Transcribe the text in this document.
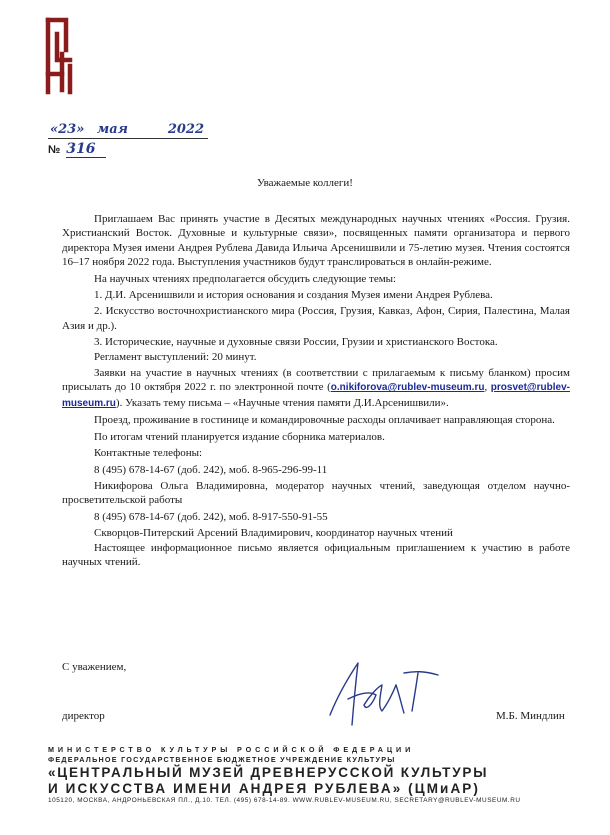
«23» мая	2022
№ 316
Уважаемые коллеги!

Приглашаем Вас принять участие в Десятых международных научных чтениях «Россия. Грузия. Христианский Восток. Духовные и культурные связи», посвященных памяти организатора и первого директора Музея имени Андрея Рублева Давида Ильича Арсенишвили и 75-летию музея. Чтения состоятся 16–17 ноября 2022 года. Выступления участников будут транслироваться в онлайн-режиме.

На научных чтениях предполагается обсудить следующие темы:

1. Д.И. Арсенишвили и история основания и создания Музея имени Андрея Рублева.

2. Искусство восточнохристианского мира (Россия, Грузия, Кавказ, Афон, Сирия, Палестина, Малая Азия и др.).

3. Исторические, научные и духовные связи России, Грузии и христианского Востока.

Регламент выступлений: 20 минут.

Заявки на участие в научных чтениях (в соответствии с прилагаемым к письму бланком) просим присылать до 10 октября 2022 г. по электронной почте (o.nikiforova@rublev-museum.ru, prosvet@rublev-museum.ru). Указать тему письма – «Научные чтения памяти Д.И.Арсенишвили».

Проезд, проживание в гостинице и командировочные расходы оплачивает направляющая сторона.

По итогам чтений планируется издание сборника материалов.

Контактные телефоны:

8 (495) 678-14-67 (доб. 242), моб. 8-965-296-99-11

Никифорова Ольга Владимировна, модератор научных чтений, заведующая отделом научно-просветительской работы

8 (495) 678-14-67 (доб. 242), моб. 8-917-550-91-55

Скворцов-Питерский Арсений Владимирович, координатор научных чтений

Настоящее информационное письмо является официальным приглашением к участию в работе научных чтений.

С уважением,
директор	М.Б. Миндлин
МИНИСТЕРСТВО КУЛЬТУРЫ РОССИЙСКОЙ ФЕДЕРАЦИИ
ФЕДЕРАЛЬНОЕ ГОСУДАРСТВЕННОЕ БЮДЖЕТНОЕ УЧРЕЖДЕНИЕ КУЛЬТУРЫ
«ЦЕНТРАЛЬНЫЙ МУЗЕЙ ДРЕВНЕРУССКОЙ КУЛЬТУРЫ
И ИСКУССТВА ИМЕНИ АНДРЕЯ РУБЛЕВА» (ЦМиАР)
105120, МОСКВА, АНДРОНЬЕВСКАЯ ПЛ., Д.10. ТЕЛ. (495) 678-14-89. WWW.RUBLEV-MUSEUM.RU, SECRETARY@RUBLEV-MUSEUM.RU
